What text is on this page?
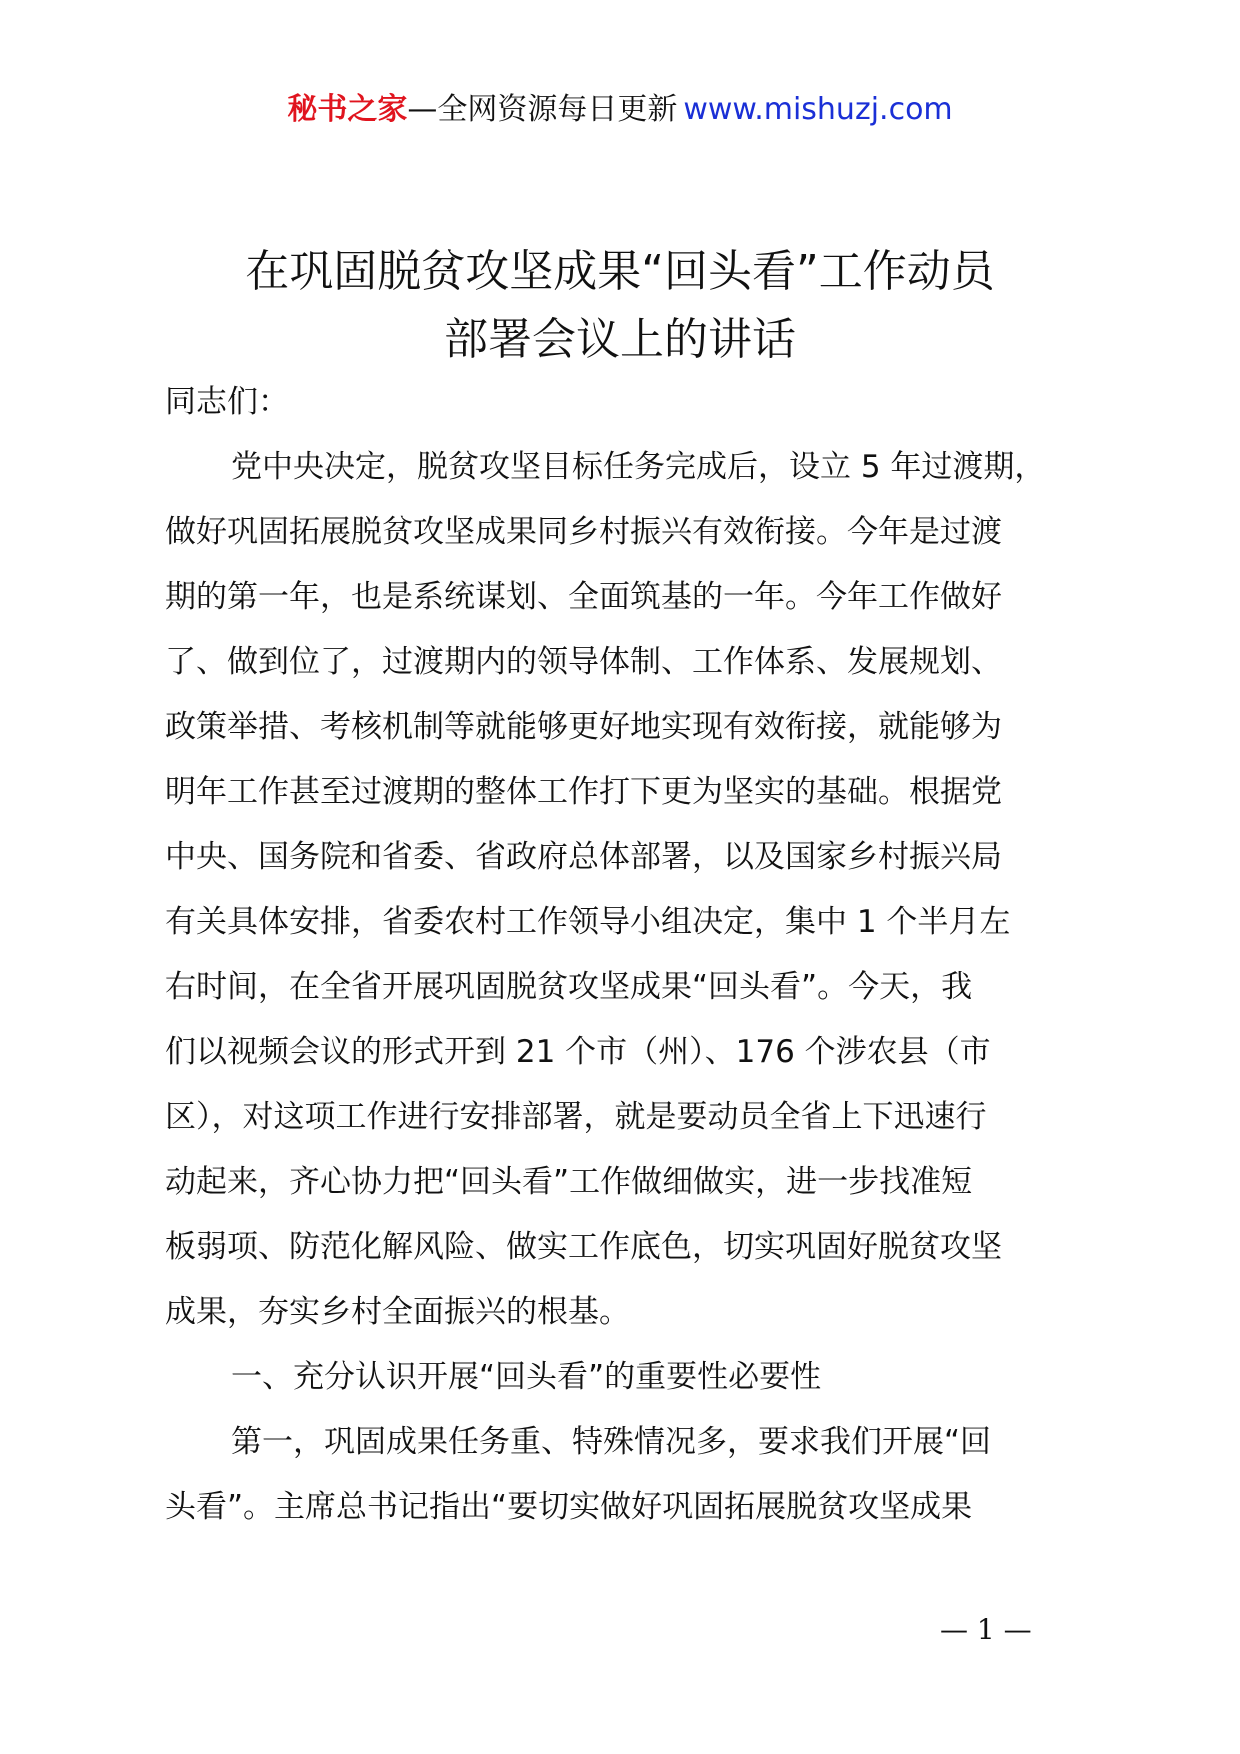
秘书之家—全网资源每日更新 www.mishuzj.com
在巩固脱贫攻坚成果“回头看”工作动员
部署会议上的讲话
同志们：
党中央决定，脱贫攻坚目标任务完成后，设立 5 年过渡期，
做好巩固拓展脱贫攻坚成果同乡村振兴有效衔接。今年是过渡
期的第一年，也是系统谋划、全面筑基的一年。今年工作做好
了、做到位了，过渡期内的领导体制、工作体系、发展规划、
政策举措、考核机制等就能够更好地实现有效衔接，就能够为
明年工作甚至过渡期的整体工作打下更为坚实的基础。根据党
中央、国务院和省委、省政府总体部署，以及国家乡村振兴局
有关具体安排，省委农村工作领导小组决定，集中 1 个半月左
右时间，在全省开展巩固脱贫攻坚成果“回头看”。今天，我
们以视频会议的形式开到 21 个市（州）、176 个涉农县（市
区），对这项工作进行安排部署，就是要动员全省上下迅速行
动起来，齐心协力把“回头看”工作做细做实，进一步找准短
板弱项、防范化解风险、做实工作底色，切实巩固好脱贫攻坚
成果，夯实乡村全面振兴的根基。
一、充分认识开展“回头看”的重要性必要性
第一，巩固成果任务重、特殊情况多，要求我们开展“回
头看”。主席总书记指出“要切实做好巩固拓展脱贫攻坚成果
— 1 —
